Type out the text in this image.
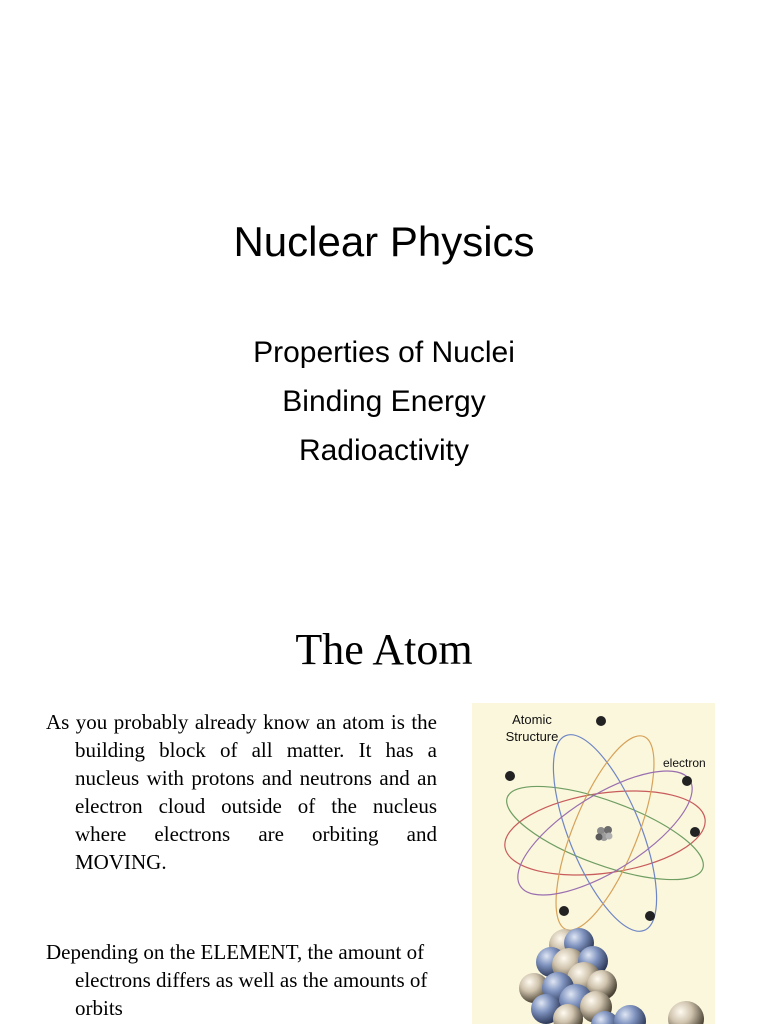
Nuclear Physics
Properties of Nuclei
Binding Energy
Radioactivity
The Atom
As you probably already know an atom is the building block of all matter. It has a nucleus with protons and neutrons and an electron cloud outside of the nucleus where electrons are orbiting and MOVING.
Depending on the ELEMENT, the amount of electrons differs as well as the amounts of orbits
Atomic
Structure
electron
